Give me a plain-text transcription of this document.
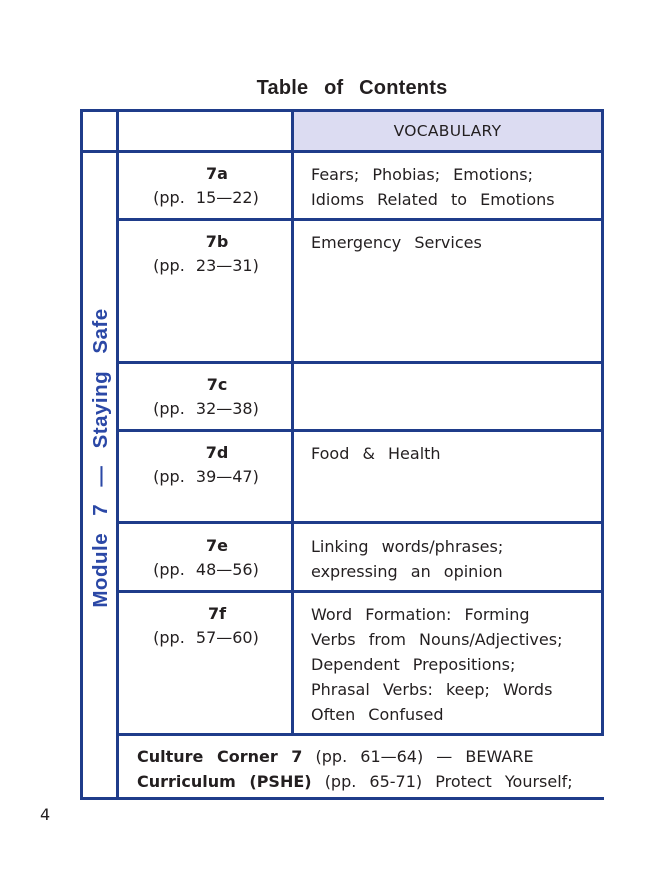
Table of Contents
VOCABULARY
Module 7 — Staying Safe
7a
(pp. 15—22)
Fears; Phobias; Emotions;
Idioms Related to Emotions
7b
(pp. 23—31)
Emergency Services
7c
(pp. 32—38)
7d
(pp. 39—47)
Food & Health
7e
(pp. 48—56)
Linking words/phrases;
expressing an opinion
7f
(pp. 57—60)
Word Formation: Forming
Verbs from Nouns/Adjectives;
Dependent Prepositions;
Phrasal Verbs: keep; Words
Often Confused
Culture Corner 7 (pp. 61—64) — BEWARE
Curriculum (PSHE) (pp. 65-71) Protect Yourself;
4
